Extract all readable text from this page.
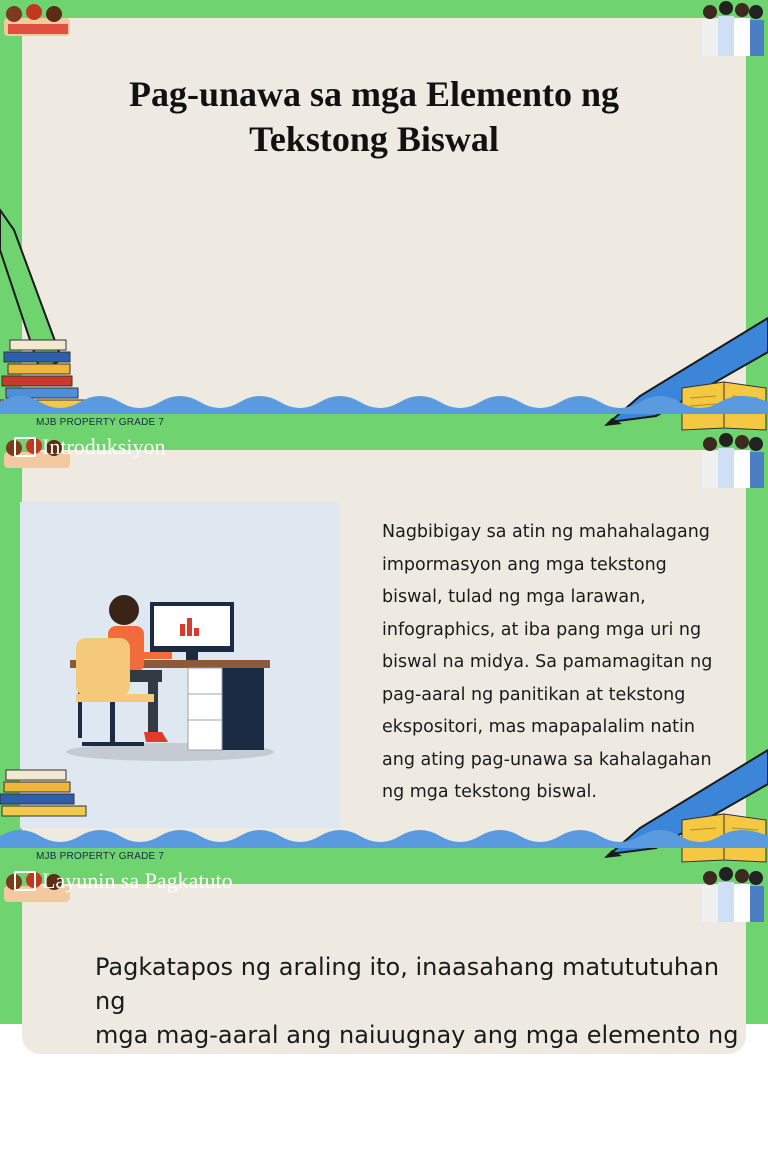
Pag-unawa sa mga Elemento ng
Tekstong Biswal
MJB PROPERTY GRADE 7
Introduksiyon
Nagbibigay sa atin ng mahahalagang
impormasyon ang mga tekstong
biswal, tulad ng mga larawan,
infographics, at iba pang mga uri ng
biswal na midya. Sa pamamagitan ng
pag-aaral ng panitikan at tekstong
ekspositori, mas mapapalalim natin
ang ating pag-unawa sa kahalagahan
ng mga tekstong biswal.
MJB PROPERTY GRADE 7
Layunin sa Pagkatuto
Pagkatapos ng araling ito, inaasahang matututuhan ng
mga mag-aaral ang naiuugnay ang mga elemento ng
